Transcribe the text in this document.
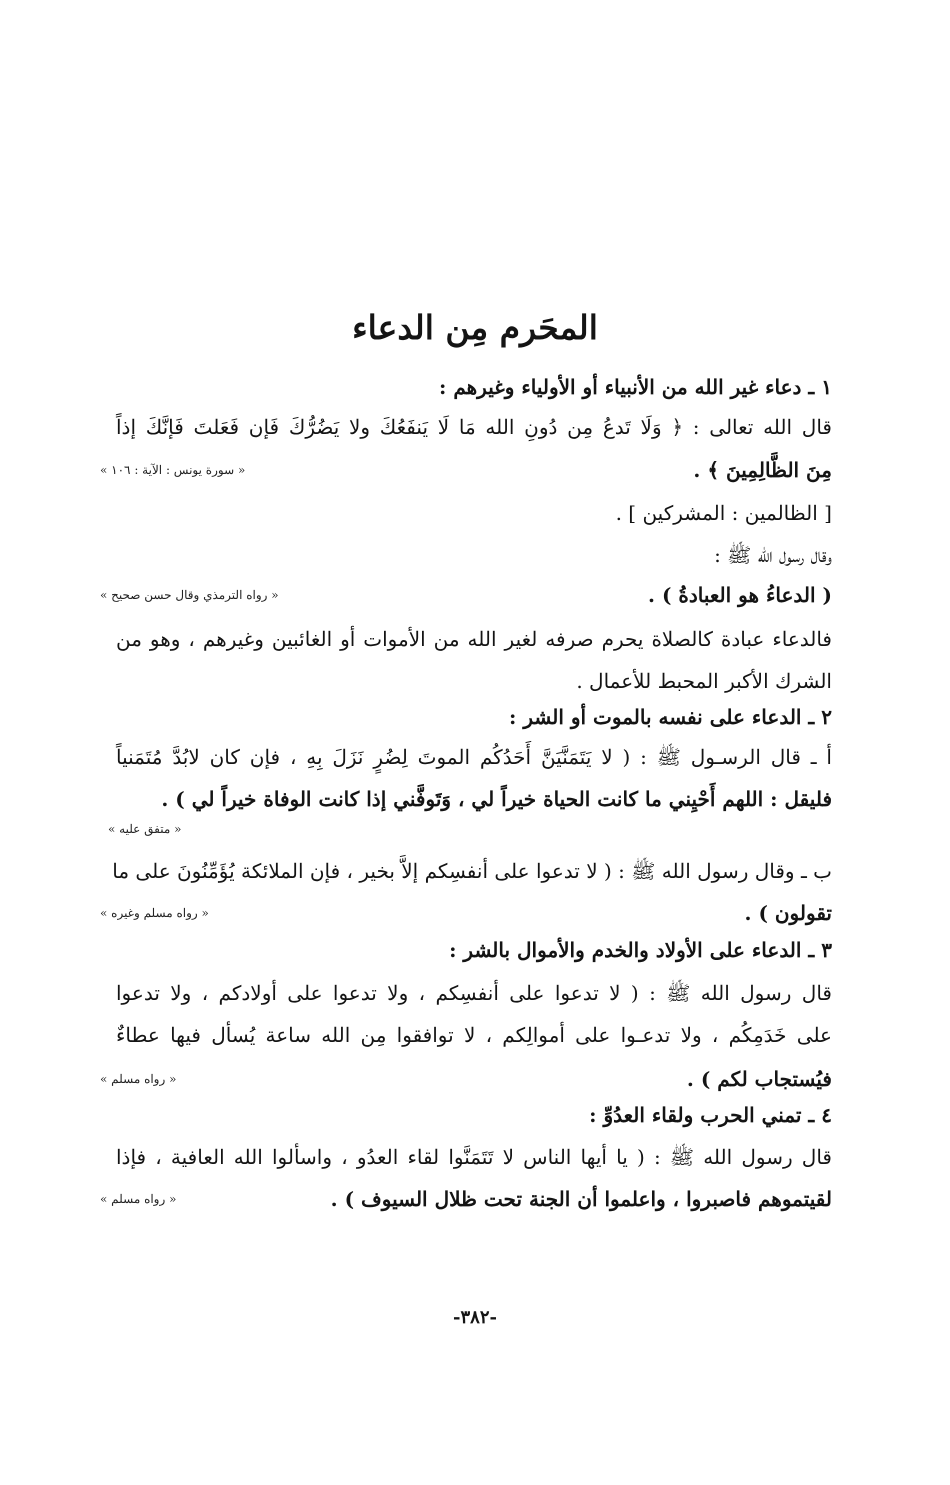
المحَرم مِن الدعاء
١ ـ دعاء غير الله من الأنبياء أو الأولياء وغيرهم :
قال الله تعالى : ﴿ وَلَا تَدعُ مِن دُونِ الله مَا لَا يَنفَعُكَ ولا يَضُرُّكَ فَإن فَعَلتَ فَإنَّكَ إذاً
مِنَ الظَّالِمِينَ ﴾ .
« سورة يونس : الآية : ١٠٦ »
[ الظالمين : المشركين ] .
وقال رسول الله ﷺ :
( الدعاءُ هو العبادةُ ) .
« رواه الترمذي وقال حسن صحيح »
فالدعاء عبادة كالصلاة يحرم صرفه لغير الله من الأموات أو الغائبين وغيرهم ، وهو من
الشرك الأكبر المحبط للأعمال .
٢ ـ الدعاء على نفسه بالموت أو الشر :
أ ـ قال الرسـول ﷺ : ( لا يَتَمَنَّيَنَّ أَحَدُكُم الموتَ لِضُرٍ نَزَلَ بِهِ ، فإن كان لابُدَّ مُتَمَنياً
فليقل : اللهم أَحْيِني ما كانت الحياة خيراً لي ، وَتَوفَّني إذا كانت الوفاة خيراً لي ) .
« متفق عليه »
ب ـ وقال رسول الله ﷺ : ( لا تدعوا على أنفسِكم إلاَّ بخير ، فإن الملائكة يُؤَمِّنُونَ على ما
تقولون ) .
« رواه مسلم وغيره »
٣ ـ الدعاء على الأولاد والخدم والأموال بالشر :
قال رسول الله ﷺ : ( لا تدعوا على أنفسِكم ، ولا تدعوا على أولادكم ، ولا تدعوا
على خَدَمِكُم ، ولا تدعـوا على أموالِكم ، لا توافقوا مِن الله ساعة يُسأل فيها عطاءٌ
فيُستجاب لكم ) .
« رواه مسلم »
٤ ـ تمني الحرب ولقاء العدُوِّ :
قال رسول الله ﷺ : ( يا أيها الناس لا تَتَمَنَّوا لقاء العدُو ، واسألوا الله العافية ، فإذا
لقيتموهم فاصبروا ، واعلموا أن الجنة تحت ظلال السيوف ) .
« رواه مسلم »
-٣٨٢-
